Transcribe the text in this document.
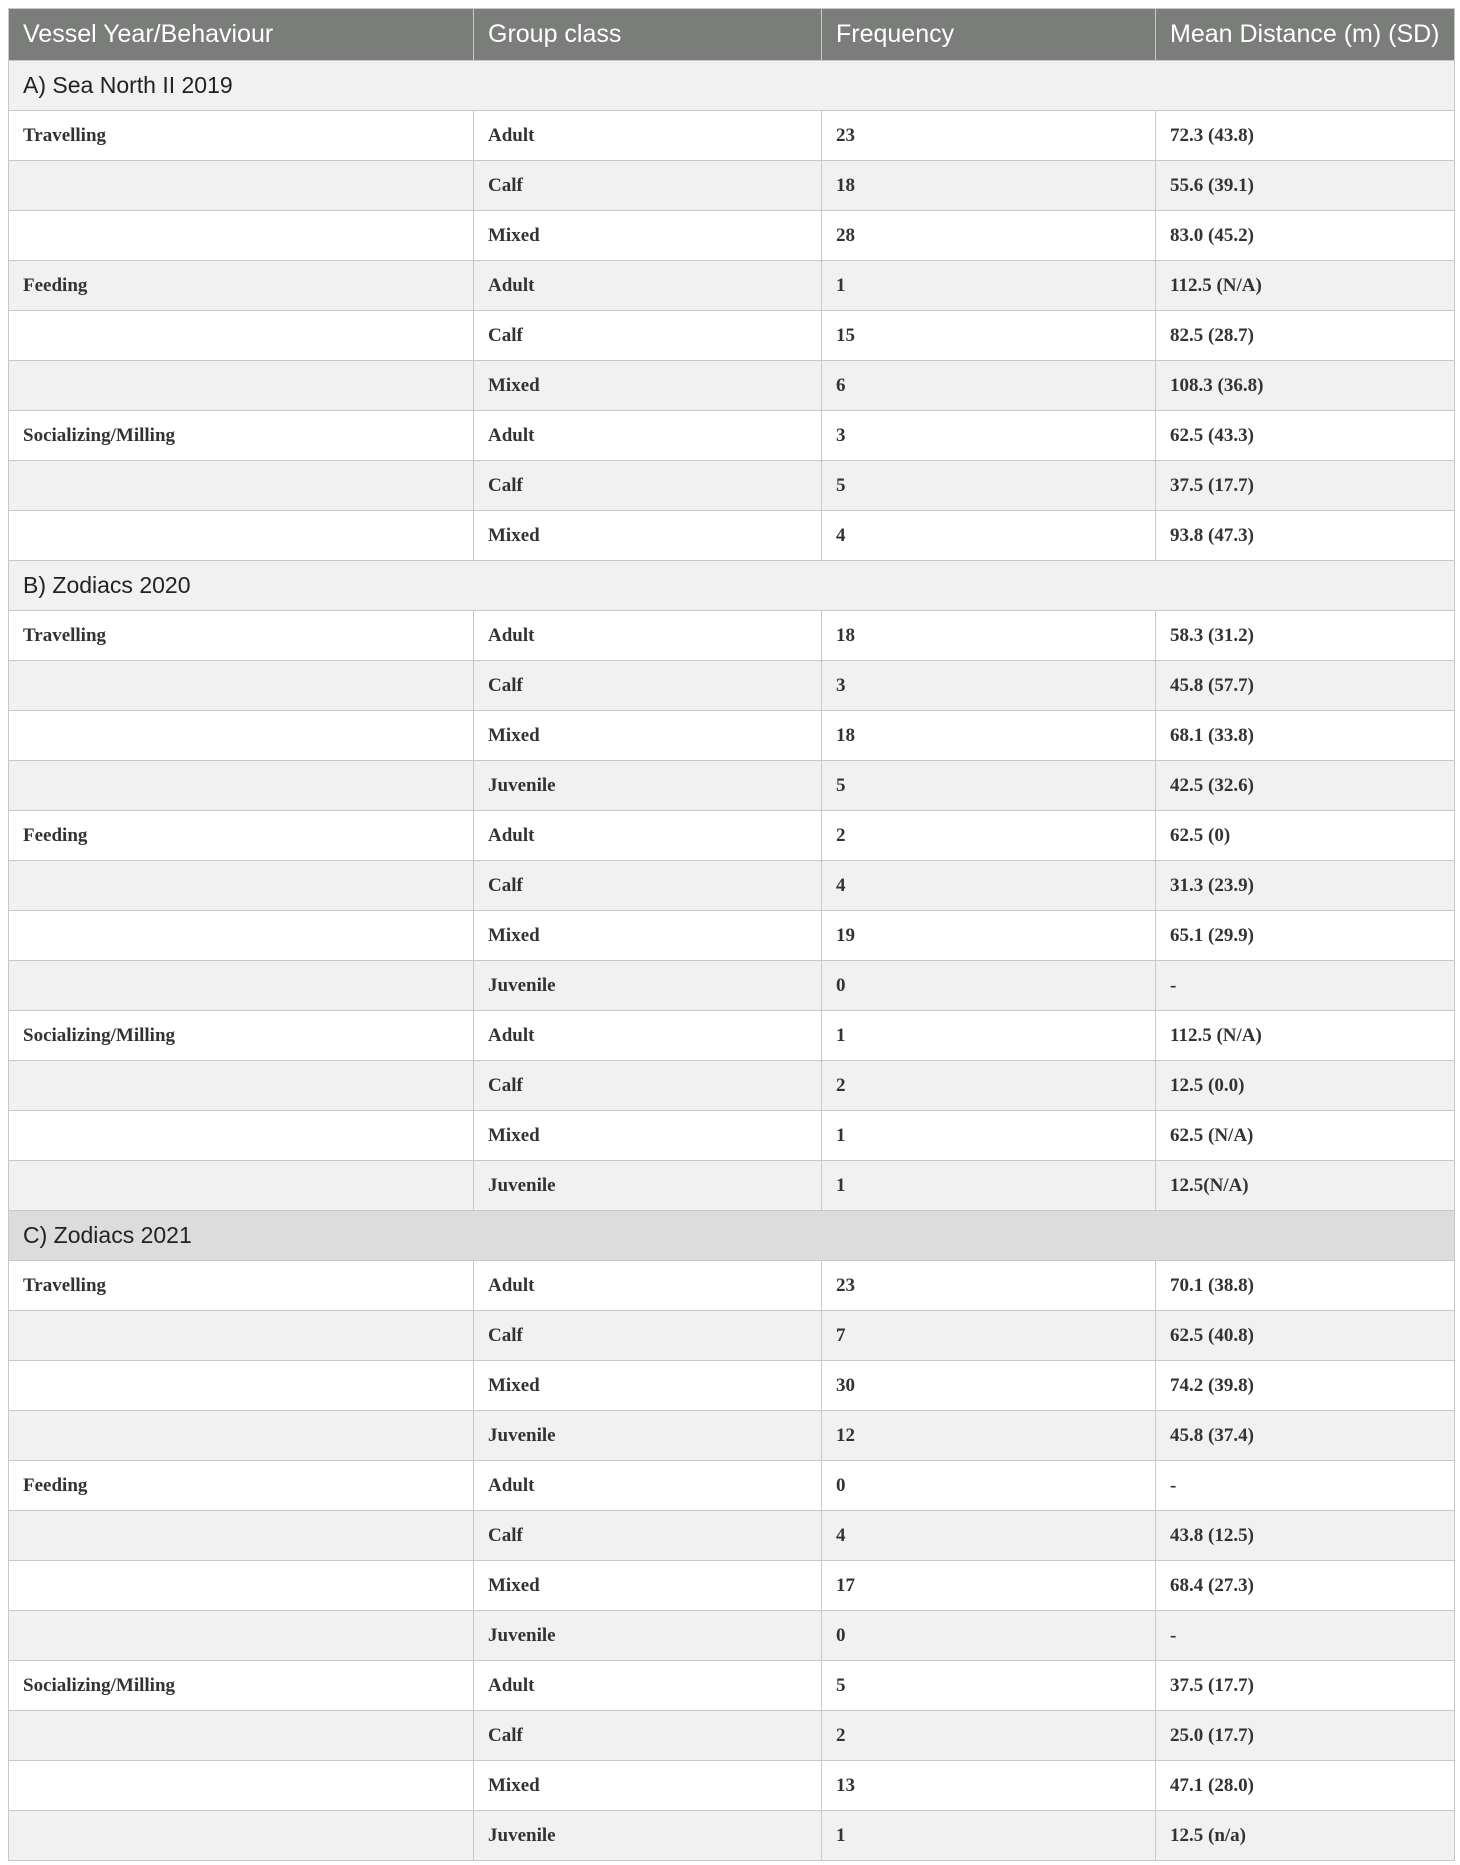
Vessel Year/Behaviour	Group class	Frequency	Mean Distance (m) (SD)
A) Sea North II 2019			
Travelling	Adult	23	72.3 (43.8)
	Calf	18	55.6 (39.1)
	Mixed	28	83.0 (45.2)
Feeding	Adult	1	112.5 (N/A)
	Calf	15	82.5 (28.7)
	Mixed	6	108.3 (36.8)
Socializing/Milling	Adult	3	62.5 (43.3)
	Calf	5	37.5 (17.7)
	Mixed	4	93.8 (47.3)
B) Zodiacs 2020			
Travelling	Adult	18	58.3 (31.2)
	Calf	3	45.8 (57.7)
	Mixed	18	68.1 (33.8)
	Juvenile	5	42.5 (32.6)
Feeding	Adult	2	62.5 (0)
	Calf	4	31.3 (23.9)
	Mixed	19	65.1 (29.9)
	Juvenile	0	-
Socializing/Milling	Adult	1	112.5 (N/A)
	Calf	2	12.5 (0.0)
	Mixed	1	62.5 (N/A)
	Juvenile	1	12.5(N/A)
C) Zodiacs 2021			
Travelling	Adult	23	70.1 (38.8)
	Calf	7	62.5 (40.8)
	Mixed	30	74.2 (39.8)
	Juvenile	12	45.8 (37.4)
Feeding	Adult	0	-
	Calf	4	43.8 (12.5)
	Mixed	17	68.4 (27.3)
	Juvenile	0	-
Socializing/Milling	Adult	5	37.5 (17.7)
	Calf	2	25.0 (17.7)
	Mixed	13	47.1 (28.0)
	Juvenile	1	12.5 (n/a)
